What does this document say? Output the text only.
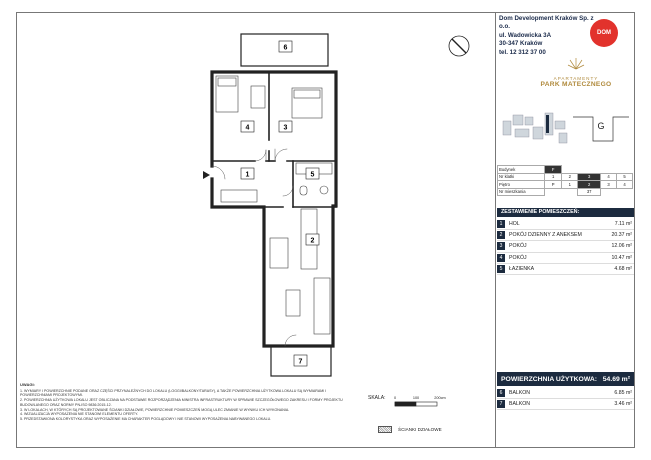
6
4	3
1	5
2
7
0	100	200cm
Dom Development Kraków Sp. z o.o.
ul. Wadowicka 3A
30-347 Kraków
tel. 12 312 37 00
DOM
APARTAMENTY
PARK MATECZNEGO
G
Budynek	F				
Nr klatki	1	2	3	4	5
Piętro	P	1	2	3	4
Nr mieszkania			37		
ZESTAWIENIE POMIESZCZEŃ:
1	HOL	7.11 m²
2	POKÓJ DZIENNY Z ANEKSEM	20.37 m²
3	POKÓJ	12.06 m²
4	POKÓJ	10.47 m²
5	ŁAZIENKA	4.68 m²
POWIERZCHNIA UŻYTKOWA: 54.69 m²
6	BALKON	6.85 m²
7	BALKON	3.46 m²
UWAGI:
1. WYMIARY I POWIERZCHNIE PODANE ORAZ CZĘŚCI PRZYNALEŻNYCH DO LOKALU (LOGGI/BALKONY/TARASY), A TAKŻE POWIERZCHNIA UŻYTKOWA LOKALU SĄ WYMIARAMI I POWIERZCHNIAMI PROJEKTOWYMI.
2. POWIERZCHNIA UŻYTKOWA LOKALU JEST OBLICZANA NA PODSTAWIE ROZPORZĄDZENIA MINISTRA INFRASTRUKTURY W SPRAWIE SZCZEGÓŁOWEGO ZAKRESU I FORMY PROJEKTU BUDOWLANEGO ORAZ NORMY PN-ISO 9836:2015-12.
3. W LOKALACH, W KTÓRYCH SĄ PROJEKTOWANE ŚCIANKI DZIAŁOWE, POWIERZCHNIE POMIESZCZEŃ MOGĄ ULEC ZMIANIE W WYNIKU ICH WYKONANIA.
4. WIZUALIZACJA WYPOSAŻENIA NIE STANOWI ELEMENTU OFERTY.
5. PRZEDSTAWIONA KOLORYSTYKA ORAZ WYPOSAŻENIE MA CHARAKTER POGLĄDOWY I NIE STANOWI WYPOSAŻENIA NABYWANEGO LOKALU.
SKALA:
ŚCIANKI DZIAŁOWE
